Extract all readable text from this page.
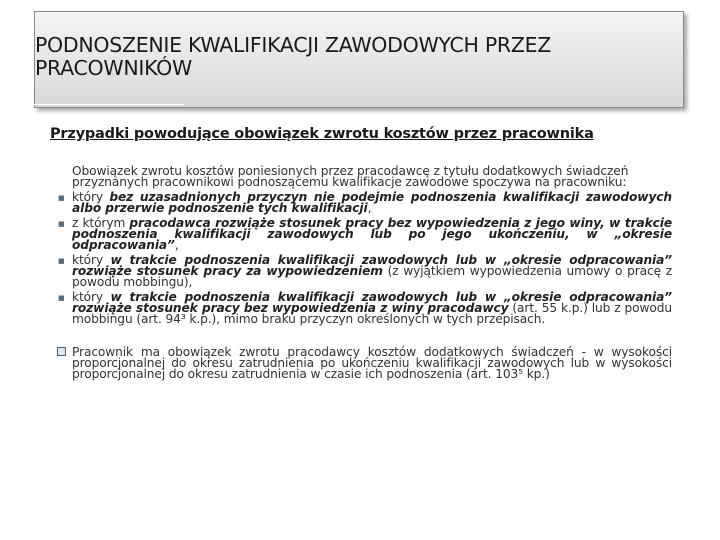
PODNOSZENIE KWALIFIKACJI ZAWODOWYCH PRZEZ PRACOWNIKÓW
Przypadki powodujące obowiązek zwrotu kosztów przez pracownika

Obowiązek zwrotu kosztów poniesionych przez pracodawcę z tytułu dodatkowych świadczeń przyznanych pracownikowi podnoszącemu kwalifikacje zawodowe spoczywa na pracowniku:

■ który bez uzasadnionych przyczyn nie podejmie podnoszenia kwalifikacji zawodowych albo przerwie podnoszenie tych kwalifikacji,

■ z którym pracodawca rozwiąże stosunek pracy bez wypowiedzenia z jego winy, w trakcie podnoszenia kwalifikacji zawodowych lub po jego ukończeniu, w „okresie odpracowania”,

■ który w trakcie podnoszenia kwalifikacji zawodowych lub w „okresie odpracowania” rozwiąże stosunek pracy za wypowiedzeniem (z wyjątkiem wypowiedzenia umowy o pracę z powodu mobbingu),

■ który w trakcie podnoszenia kwalifikacji zawodowych lub w „okresie odpracowania” rozwiąże stosunek pracy bez wypowiedzenia z winy pracodawcy (art. 55 k.p.) lub z powodu mobbingu (art. 94³ k.p.), mimo braku przyczyn określonych w tych przepisach.

Pracownik ma obowiązek zwrotu pracodawcy kosztów dodatkowych świadczeń - w wysokości proporcjonalnej do okresu zatrudnienia po ukończeniu kwalifikacji zawodowych lub w wysokości proporcjonalnej do okresu zatrudnienia w czasie ich podnoszenia (art. 103⁵ kp.)
